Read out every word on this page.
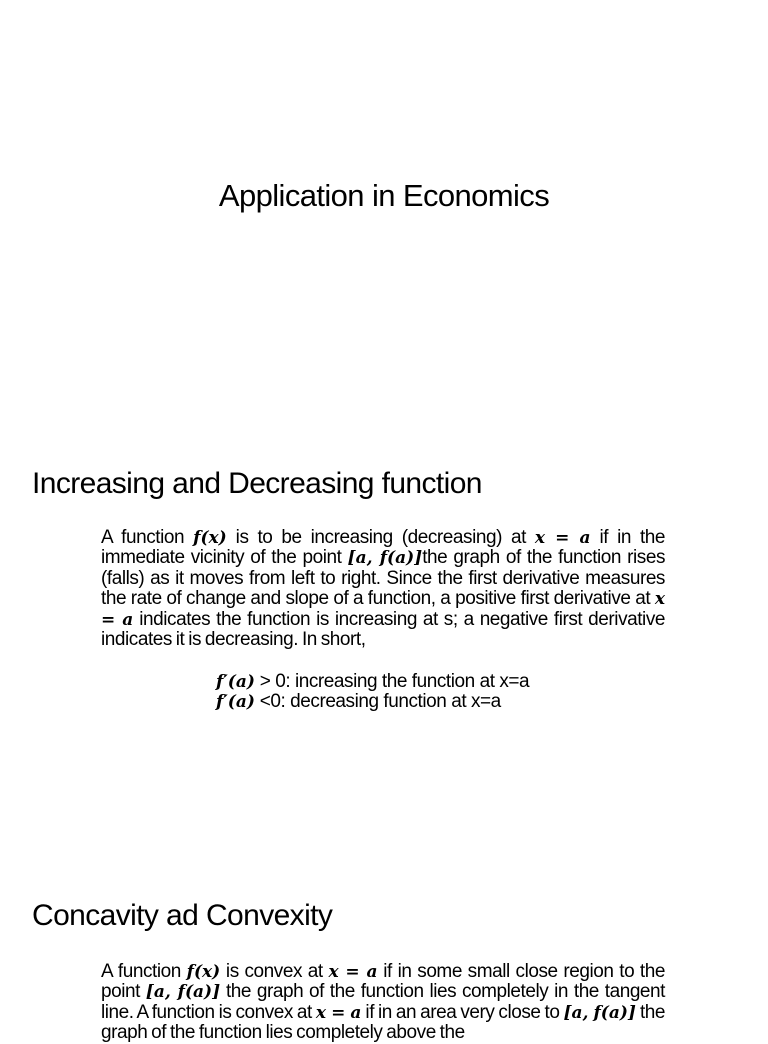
Application in Economics
Increasing and Decreasing function
A function f(x) is to be increasing (decreasing) at x = a if in the immediate vicinity of the point [a, f(a)]the graph of the function rises (falls) as it moves from left to right. Since the first derivative measures the rate of change and slope of a function, a positive first derivative at x = a indicates the function is increasing at s; a negative first derivative indicates it is decreasing. In short,
f′(a) > 0: increasing the function at x=a
f′(a) <0: decreasing function at x=a
Concavity ad Convexity
A function f(x) is convex at x = a if in some small close region to the point [a, f(a)] the graph of the function lies completely in the tangent line. A function is convex at x = a if in an area very close to [a, f(a)] the graph of the function lies completely above the
